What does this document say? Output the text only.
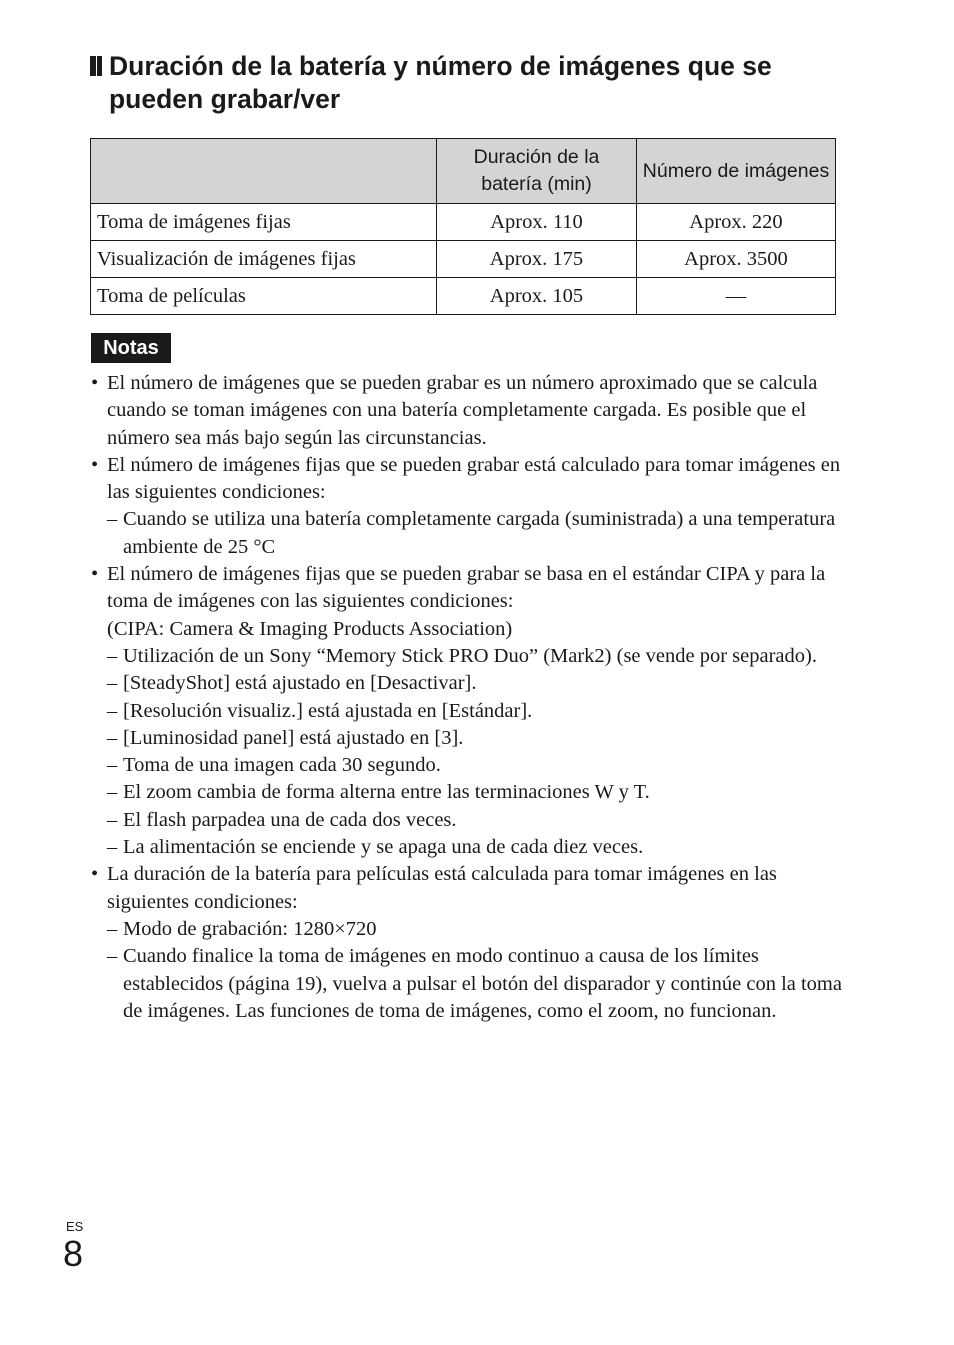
Duración de la batería y número de imágenes que se
pueden grabar/ver
	Duración de la batería (min)	Número de imágenes
Toma de imágenes fijas	Aprox. 110	Aprox. 220
Visualización de imágenes fijas	Aprox. 175	Aprox. 3500
Toma de películas	Aprox. 105	—
Notas
• El número de imágenes que se pueden grabar es un número aproximado que se calcula cuando se toman imágenes con una batería completamente cargada. Es posible que el número sea más bajo según las circunstancias.
• El número de imágenes fijas que se pueden grabar está calculado para tomar imágenes en las siguientes condiciones:
– Cuando se utiliza una batería completamente cargada (suministrada) a una temperatura ambiente de 25 °C
• El número de imágenes fijas que se pueden grabar se basa en el estándar CIPA y para la toma de imágenes con las siguientes condiciones:
(CIPA: Camera & Imaging Products Association)
– Utilización de un Sony “Memory Stick PRO Duo” (Mark2) (se vende por separado).
– [SteadyShot] está ajustado en [Desactivar].
– [Resolución visualiz.] está ajustada en [Estándar].
– [Luminosidad panel] está ajustado en [3].
– Toma de una imagen cada 30 segundo.
– El zoom cambia de forma alterna entre las terminaciones W y T.
– El flash parpadea una de cada dos veces.
– La alimentación se enciende y se apaga una de cada diez veces.
• La duración de la batería para películas está calculada para tomar imágenes en las siguientes condiciones:
– Modo de grabación: 1280×720
– Cuando finalice la toma de imágenes en modo continuo a causa de los límites establecidos (página 19), vuelva a pulsar el botón del disparador y continúe con la toma de imágenes. Las funciones de toma de imágenes, como el zoom, no funcionan.
ES
8
